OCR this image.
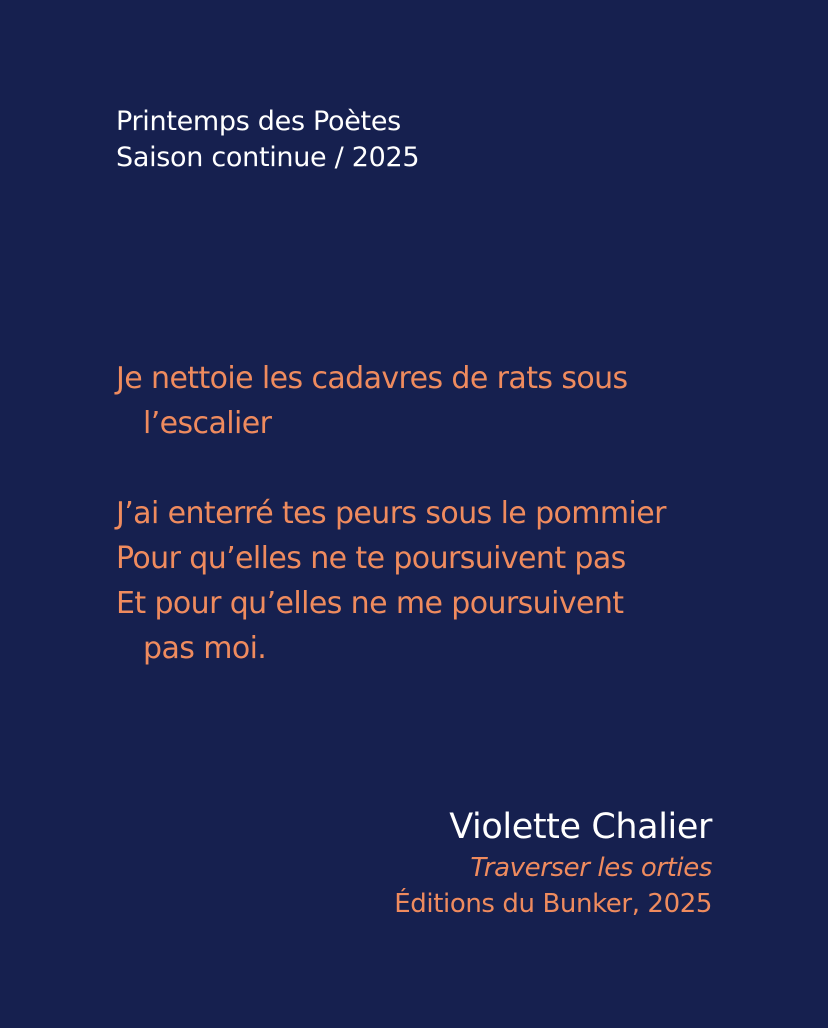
Printemps des Poètes
Saison continue / 2025
Je nettoie les cadavres de rats sous
l’escalier
J’ai enterré tes peurs sous le pommier
Pour qu’elles ne te poursuivent pas
Et pour qu’elles ne me poursuivent
pas moi.
Violette Chalier
Traverser les orties
Éditions du Bunker, 2025
